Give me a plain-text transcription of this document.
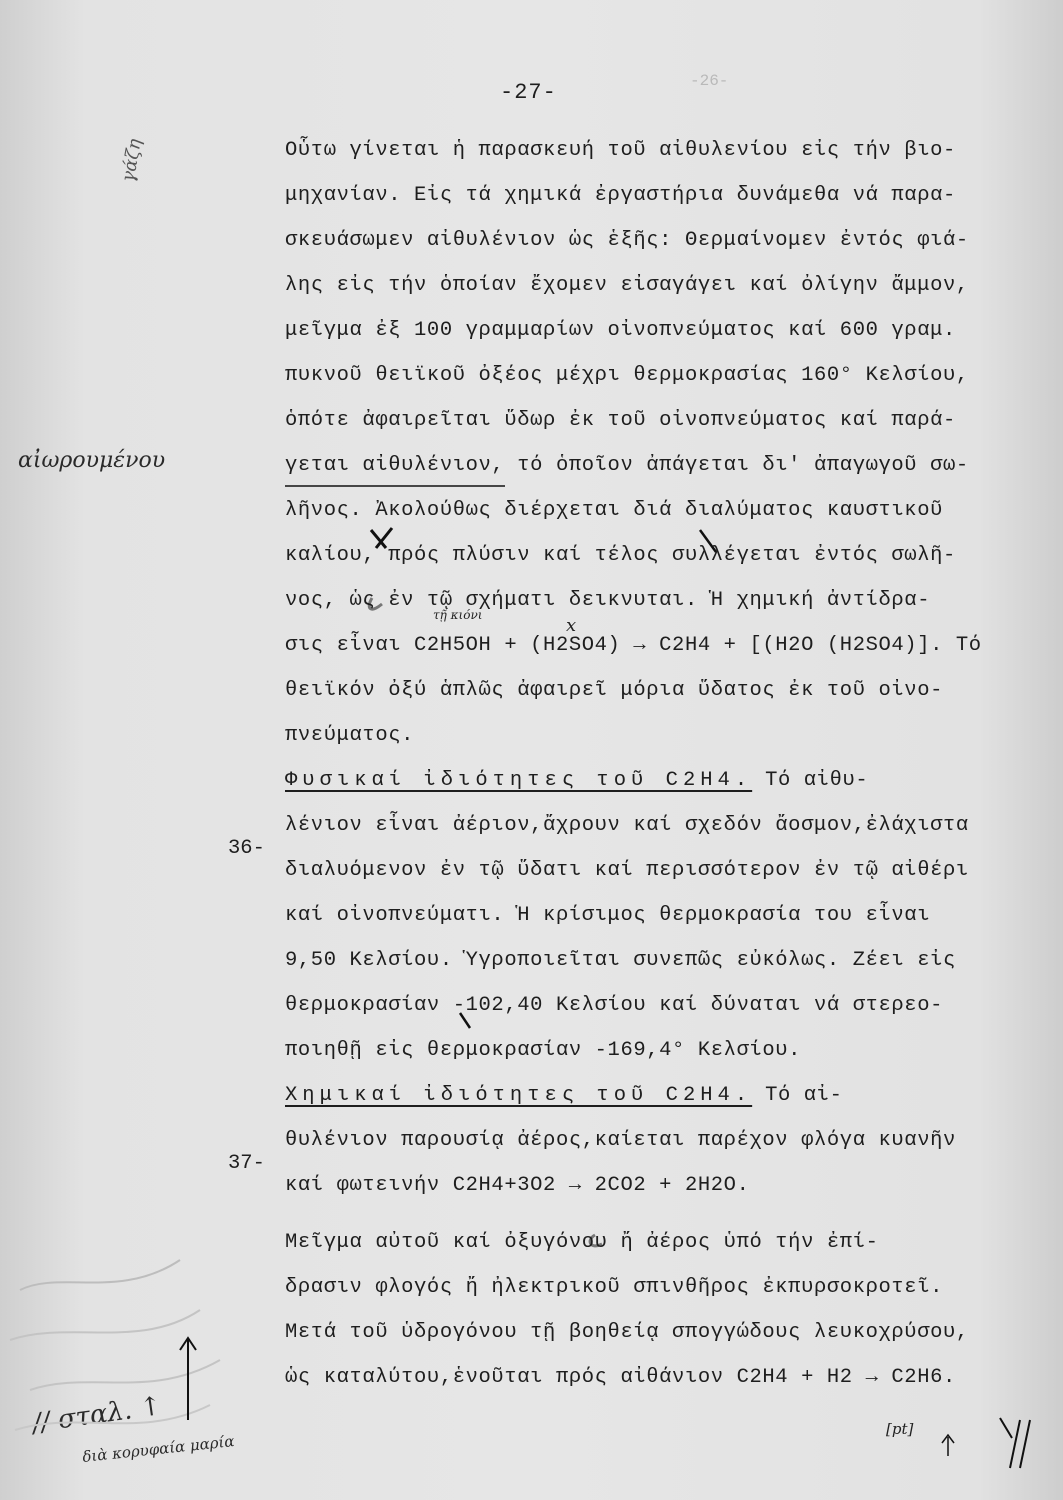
-26-
-27-
γάζη
αἰωρουμένου
// σταλ. ↑
διὰ κορυφαία μαρία
36-
37-
τῇ κιόνι	x
[pt]
Οὗτω γίνεται ἡ παρασκευή τοῦ αἰθυλενίου εἰς τήν βιο-
μηχανίαν. Εἰς τά χημικά ἐργαστήρια δυνάμεθα νά παρα-
σκευάσωμεν αἰθυλένιον ὡς ἑξῆς: Θερμαίνομεν ἐντός φιά-
λης εἰς τήν ὁποίαν ἔχομεν εἰσαγάγει καί ὀλίγην ἄμμον,
μεῖγμα ἐξ 100 γραμμαρίων οἰνοπνεύματος καί 600 γραμ.
πυκνοῦ θειϊκοῦ ὀξέος μέχρι θερμοκρασίας 160° Κελσίου,
ὁπότε ἀφαιρεῖται ὕδωρ ἐκ τοῦ οἰνοπνεύματος καί παρά-
γεται αἰθυλένιον, τό ὁποῖον ἀπάγεται δι' ἀπαγωγοῦ σω-
λῆνος. Ἀκολούθως διέρχεται διά διαλύματος καυστικοῦ
καλίου, πρός πλύσιν καί τέλος συλλέγεται ἐντός σωλῆ-
νος, ὡς ἐν τῷ σχήματι δεικνυται. Ἡ χημική ἀντίδρα-
σις εἶναι C2H5OH + (H2SO4) → C2H4 + [(H2O (H2SO4)]. Τό
θειϊκόν ὀξύ ἁπλῶς ἀφαιρεῖ μόρια ὕδατος ἐκ τοῦ οἰνο-
πνεύματος.
Φυσικαί ἰδιότητες τοῦ C2H4. Τό αἰθυ-
λένιον εἶναι ἀέριον,ἄχρουν καί σχεδόν ἄοσμον,ἐλάχιστα
διαλυόμενον ἐν τῷ ὕδατι καί περισσότερον ἐν τῷ αἰθέρι
καί οἰνοπνεύματι. Ἡ κρίσιμος θερμοκρασία του εἶναι
9,50 Κελσίου. Ὑγροποιεῖται συνεπῶς εὐκόλως. Ζέει εἰς
θερμοκρασίαν -102,40 Κελσίου καί δύναται νά στερεο-
ποιηθῇ εἰς θερμοκρασίαν -169,4° Κελσίου.
Χημικαί ἰδιότητες τοῦ C2H4. Τό αἰ-
θυλένιον παρουσίᾳ ἀέρος,καίεται παρέχον φλόγα κυανῆν
καί φωτεινήν C2H4+3O2 → 2CO2 + 2H2O.
Μεῖγμα αὐτοῦ καί ὀξυγόνου ἤ ἀέρος ὑπό τήν ἐπί-
δρασιν φλογός ἤ ἠλεκτρικοῦ σπινθῆρος ἐκπυρσοκροτεῖ.
Μετά τοῦ ὑδρογόνου τῇ βοηθείᾳ σπογγώδους λευκοχρύσου,
ὡς καταλύτου,ἑνοῦται πρός αἰθάνιον C2H4 + H2 → C2H6.
